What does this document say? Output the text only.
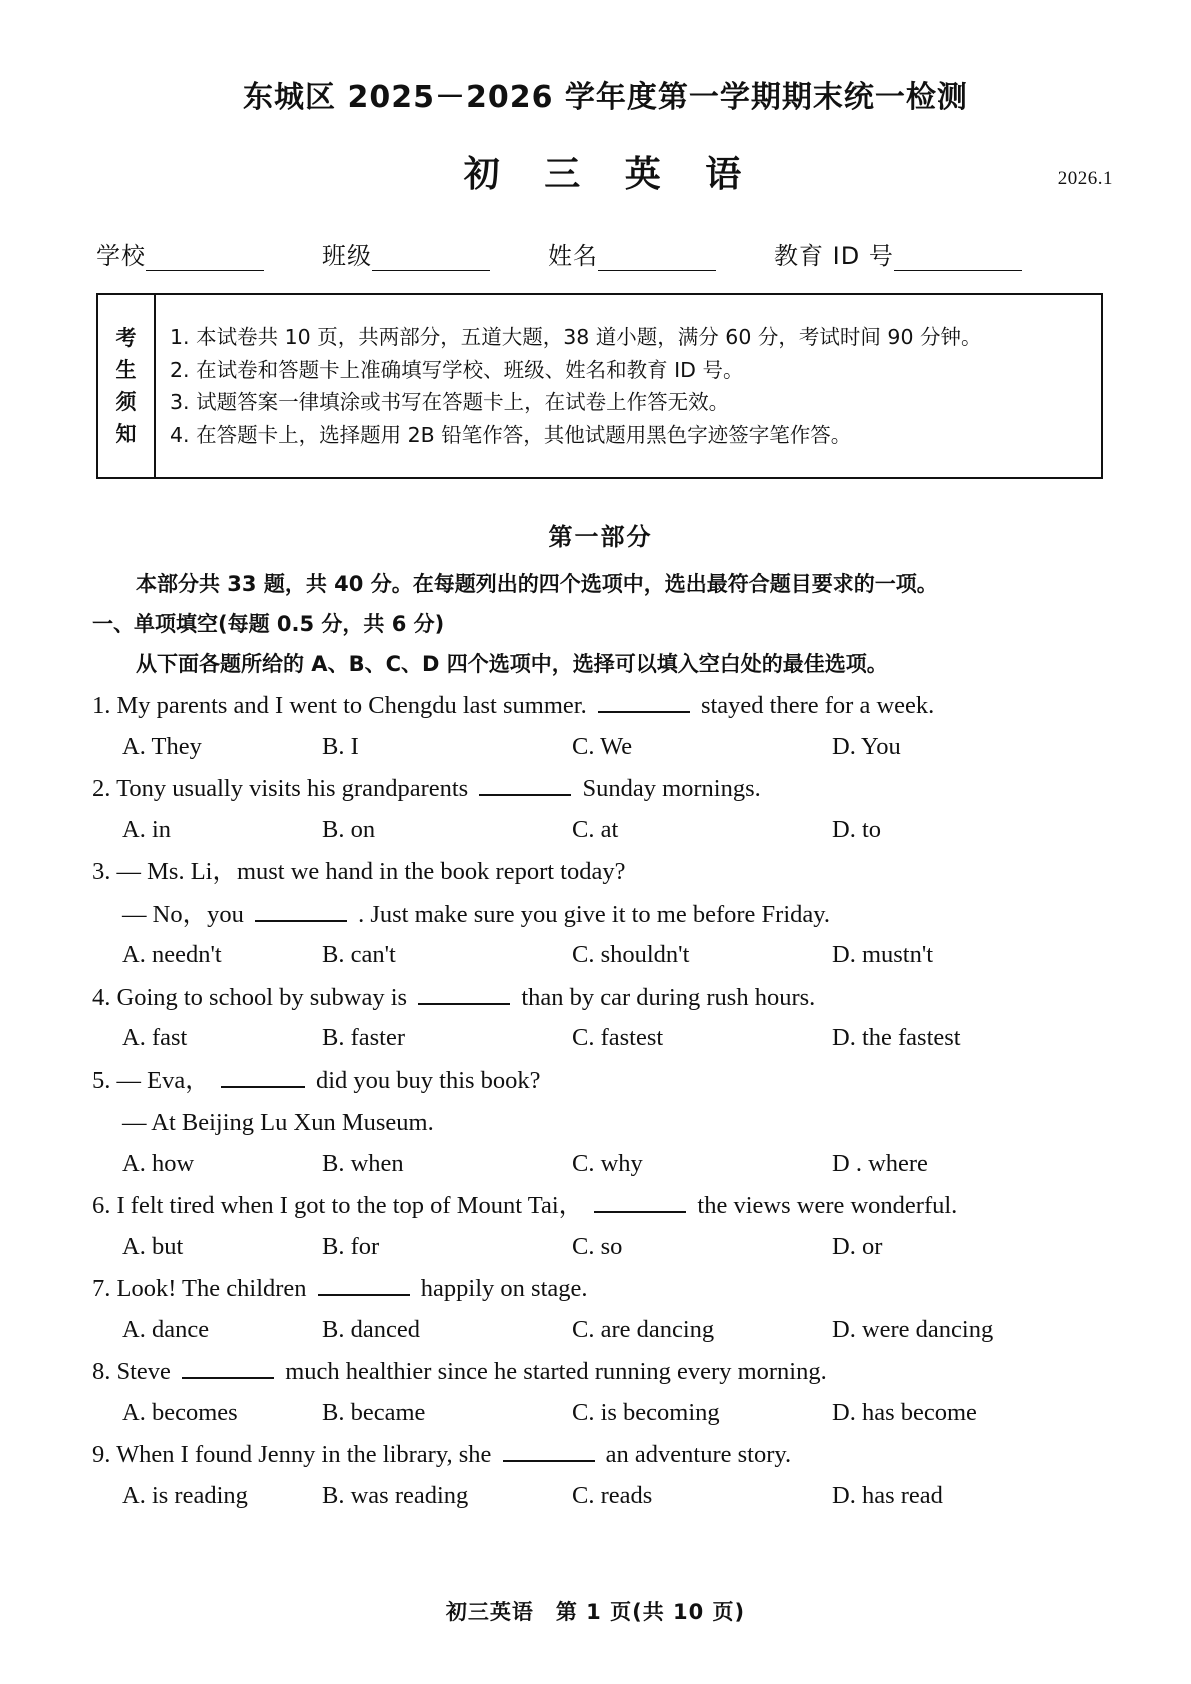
东城区 2025－2026 学年度第一学期期末统一检测
初 三 英 语	2026.1
学校	班级	姓名	教育 ID 号
考
生
须
知
1. 本试卷共 10 页，共两部分，五道大题，38 道小题，满分 60 分，考试时间 90 分钟。
2. 在试卷和答题卡上准确填写学校、班级、姓名和教育 ID 号。
3. 试题答案一律填涂或书写在答题卡上，在试卷上作答无效。
4. 在答题卡上，选择题用 2B 铅笔作答，其他试题用黑色字迹签字笔作答。
第一部分
本部分共 33 题，共 40 分。在每题列出的四个选项中，选出最符合题目要求的一项。
一、单项填空(每题 0.5 分，共 6 分)
从下面各题所给的 A、B、C、D 四个选项中，选择可以填入空白处的最佳选项。
1. My parents and I went to Chengdu last summer.	stayed there for a week.
A. They	B. I	C. We	D. You
2. Tony usually visits his grandparents	Sunday mornings.
A. in	B. on	C. at	D. to
3. — Ms. Li，must we hand in the book report today?
— No，you	. Just make sure you give it to me before Friday.
A. needn't	B. can't	C. shouldn't	D. mustn't
4. Going to school by subway is	than by car during rush hours.
A. fast	B. faster	C. fastest	D. the fastest
5. — Eva，	did you buy this book?
— At Beijing Lu Xun Museum.
A. how	B. when	C. why	D . where
6. I felt tired when I got to the top of Mount Tai，	the views were wonderful.
A. but	B. for	C. so	D. or
7. Look! The children	happily on stage.
A. dance	B. danced	C. are dancing	D. were dancing
8. Steve	much healthier since he started running every morning.
A. becomes	B. became	C. is becoming	D. has become
9. When I found Jenny in the library, she	an adventure story.
A. is reading	B. was reading	C. reads	D. has read
初三英语　第 1 页(共 10 页)
